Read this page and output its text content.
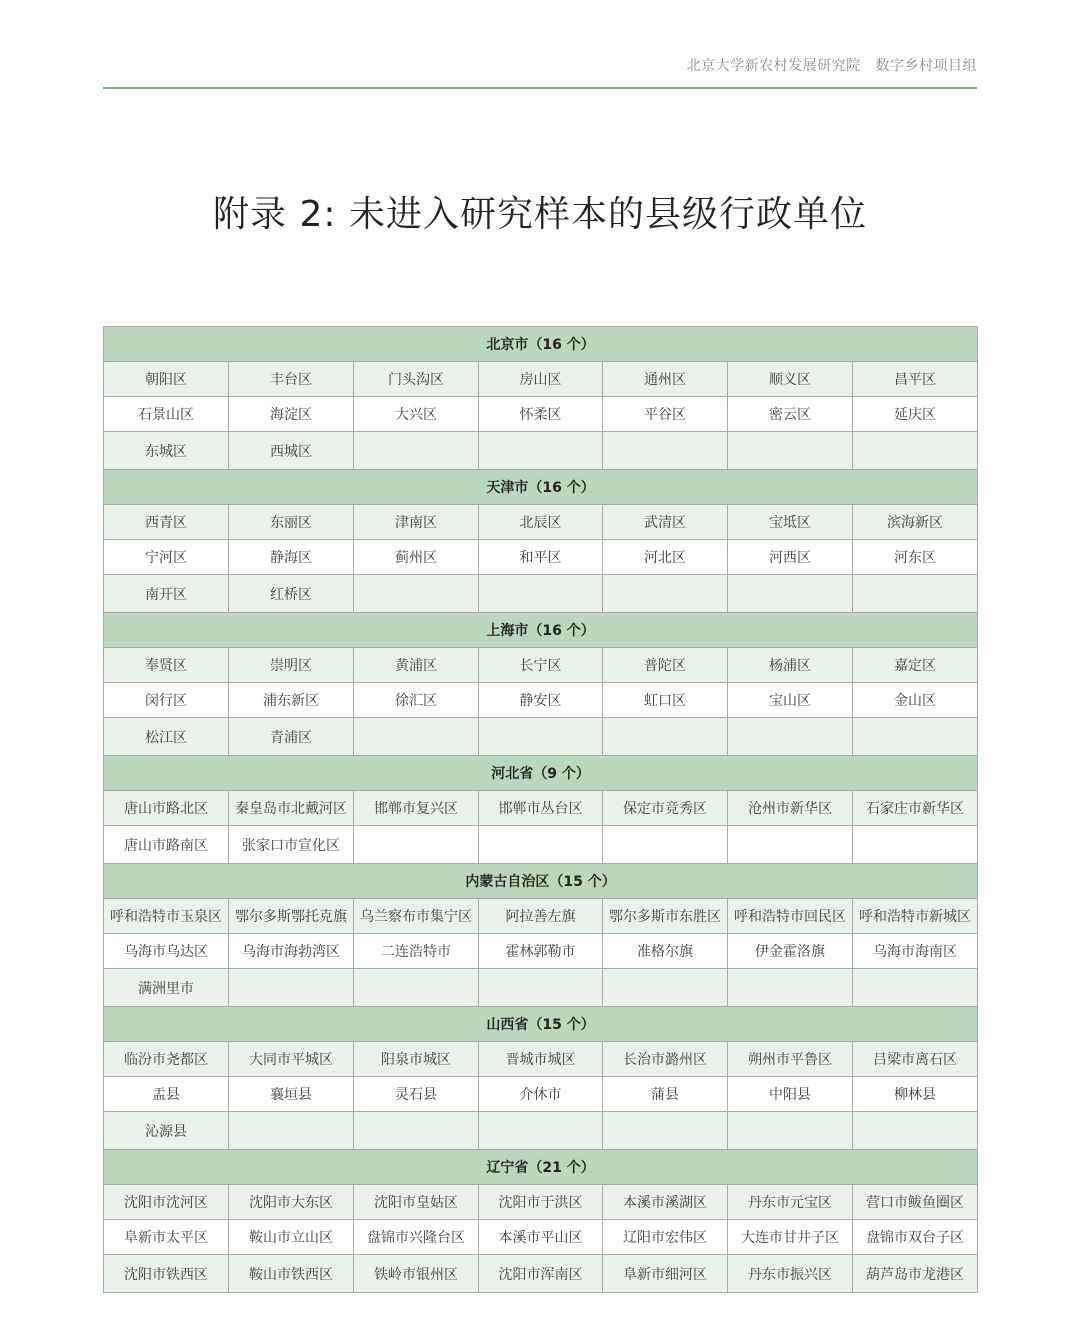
北京大学新农村发展研究院 数字乡村项目组
附录 2: 未进入研究样本的县级行政单位
北京市（16 个）						
朝阳区	丰台区	门头沟区	房山区	通州区	顺义区	昌平区
石景山区	海淀区	大兴区	怀柔区	平谷区	密云区	延庆区
东城区	西城区					
天津市（16 个）						
西青区	东丽区	津南区	北辰区	武清区	宝坻区	滨海新区
宁河区	静海区	蓟州区	和平区	河北区	河西区	河东区
南开区	红桥区					
上海市（16 个）						
奉贤区	崇明区	黄浦区	长宁区	普陀区	杨浦区	嘉定区
闵行区	浦东新区	徐汇区	静安区	虹口区	宝山区	金山区
松江区	青浦区					
河北省（9 个）						
唐山市路北区	秦皇岛市北戴河区	邯郸市复兴区	邯郸市丛台区	保定市竞秀区	沧州市新华区	石家庄市新华区
唐山市路南区	张家口市宣化区					
内蒙古自治区（15 个）						
呼和浩特市玉泉区	鄂尔多斯鄂托克旗	乌兰察布市集宁区	阿拉善左旗	鄂尔多斯市东胜区	呼和浩特市回民区	呼和浩特市新城区
乌海市乌达区	乌海市海勃湾区	二连浩特市	霍林郭勒市	准格尔旗	伊金霍洛旗	乌海市海南区
满洲里市						
山西省（15 个）						
临汾市尧都区	大同市平城区	阳泉市城区	晋城市城区	长治市潞州区	朔州市平鲁区	吕梁市离石区
盂县	襄垣县	灵石县	介休市	蒲县	中阳县	柳林县
沁源县						
辽宁省（21 个）						
沈阳市沈河区	沈阳市大东区	沈阳市皇姑区	沈阳市于洪区	本溪市溪湖区	丹东市元宝区	营口市鲅鱼圈区
阜新市太平区	鞍山市立山区	盘锦市兴隆台区	本溪市平山区	辽阳市宏伟区	大连市甘井子区	盘锦市双台子区
沈阳市铁西区	鞍山市铁西区	铁岭市银州区	沈阳市浑南区	阜新市细河区	丹东市振兴区	葫芦岛市龙港区
